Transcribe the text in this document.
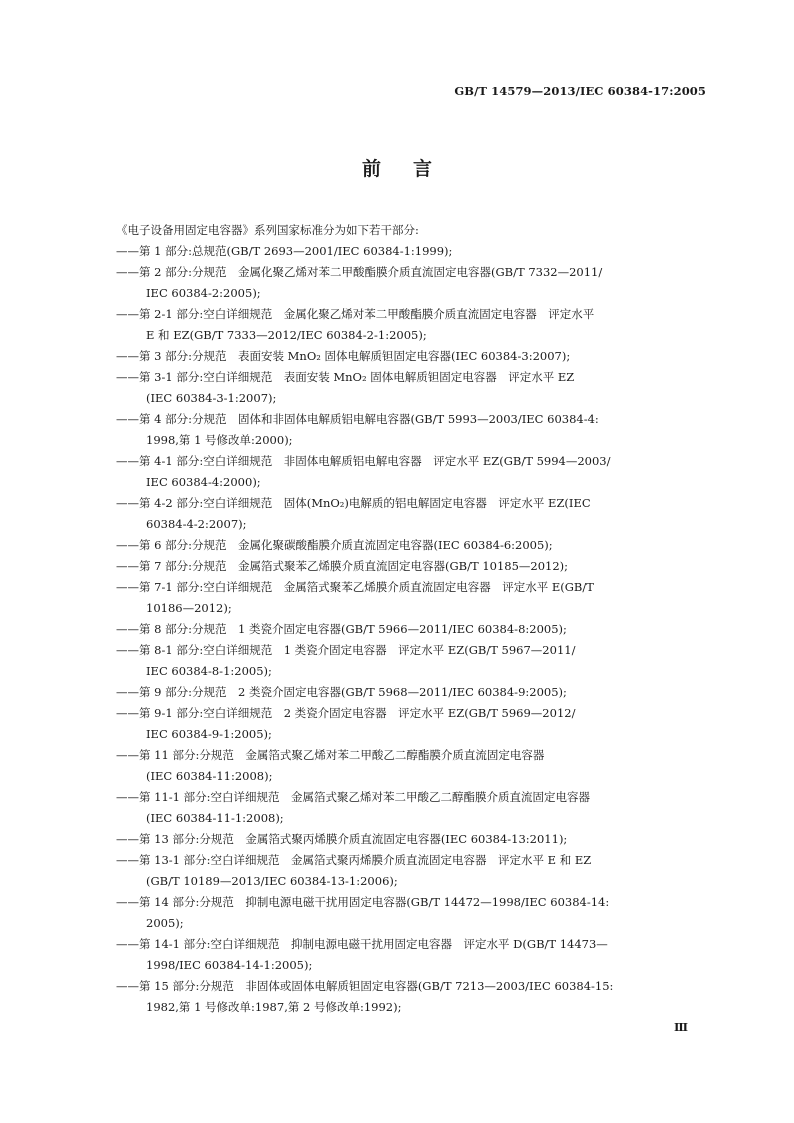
GB/T 14579—2013/IEC 60384-17:2005
前言

《电子设备用固定电容器》系列国家标准分为如下若干部分:

——第 1 部分:总规范(GB/T 2693—2001/IEC 60384-1:1999);

——第 2 部分:分规范　金属化聚乙烯对苯二甲酸酯膜介质直流固定电容器(GB/T 7332—2011/
IEC 60384-2:2005);

——第 2-1 部分:空白详细规范　金属化聚乙烯对苯二甲酸酯膜介质直流固定电容器　评定水平
E 和 EZ(GB/T 7333—2012/IEC 60384-2-1:2005);

——第 3 部分:分规范　表面安装 MnO₂ 固体电解质钽固定电容器(IEC 60384-3:2007);

——第 3-1 部分:空白详细规范　表面安装 MnO₂ 固体电解质钽固定电容器　评定水平 EZ
(IEC 60384-3-1:2007);

——第 4 部分:分规范　固体和非固体电解质铝电解电容器(GB/T 5993—2003/IEC 60384-4:
1998,第 1 号修改单:2000);

——第 4-1 部分:空白详细规范　非固体电解质铝电解电容器　评定水平 EZ(GB/T 5994—2003/
IEC 60384-4:2000);

——第 4-2 部分:空白详细规范　固体(MnO₂)电解质的铝电解固定电容器　评定水平 EZ(IEC
60384-4-2:2007);

——第 6 部分:分规范　金属化聚碳酸酯膜介质直流固定电容器(IEC 60384-6:2005);

——第 7 部分:分规范　金属箔式聚苯乙烯膜介质直流固定电容器(GB/T 10185—2012);

——第 7-1 部分:空白详细规范　金属箔式聚苯乙烯膜介质直流固定电容器　评定水平 E(GB/T
10186—2012);

——第 8 部分:分规范　1 类瓷介固定电容器(GB/T 5966—2011/IEC 60384-8:2005);

——第 8-1 部分:空白详细规范　1 类瓷介固定电容器　评定水平 EZ(GB/T 5967—2011/
IEC 60384-8-1:2005);

——第 9 部分:分规范　2 类瓷介固定电容器(GB/T 5968—2011/IEC 60384-9:2005);

——第 9-1 部分:空白详细规范　2 类瓷介固定电容器　评定水平 EZ(GB/T 5969—2012/
IEC 60384-9-1:2005);

——第 11 部分:分规范　金属箔式聚乙烯对苯二甲酸乙二醇酯膜介质直流固定电容器
(IEC 60384-11:2008);

——第 11-1 部分:空白详细规范　金属箔式聚乙烯对苯二甲酸乙二醇酯膜介质直流固定电容器
(IEC 60384-11-1:2008);

——第 13 部分:分规范　金属箔式聚丙烯膜介质直流固定电容器(IEC 60384-13:2011);

——第 13-1 部分:空白详细规范　金属箔式聚丙烯膜介质直流固定电容器　评定水平 E 和 EZ
(GB/T 10189—2013/IEC 60384-13-1:2006);

——第 14 部分:分规范　抑制电源电磁干扰用固定电容器(GB/T 14472—1998/IEC 60384-14:
2005);

——第 14-1 部分:空白详细规范　抑制电源电磁干扰用固定电容器　评定水平 D(GB/T 14473—
1998/IEC 60384-14-1:2005);

——第 15 部分:分规范　非固体或固体电解质钽固定电容器(GB/T 7213—2003/IEC 60384-15:
1982,第 1 号修改单:1987,第 2 号修改单:1992);

Ⅲ
